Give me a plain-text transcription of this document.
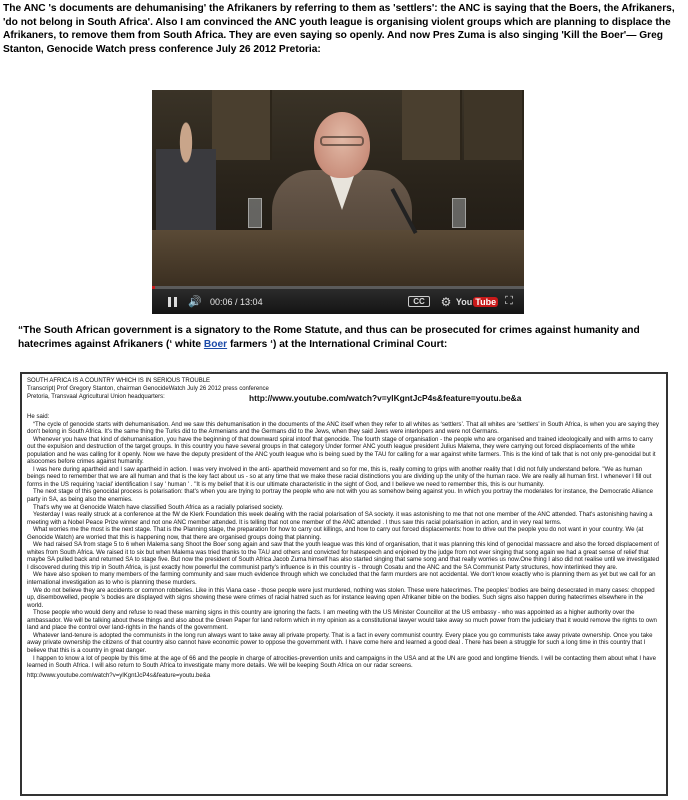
The ANC 's documents are dehumanising' the Afrikaners by referring to them as 'settlers': the ANC is saying that the Boers, the Afrikaners, 'do not belong in South Africa'. Also I am convinced the ANC youth league is organising violent groups which are planning to displace the Afrikaners, to remove them from South Africa. They are even saying so openly. And now Pres Zuma is also singing 'Kill the Boer'— Greg Stanton, Genocide Watch press conference July 26 2012 Pretoria:
🔊 00:06 / 13:04	CC	⚙ You Tube ⛶
“The South African government is a signatory to the Rome Statute, and thus can be prosecuted for crimes against humanity and hatecrimes against Afrikaners (‘ white Boer farmers ‘) at the International Criminal Court:
SOUTH AFRICA IS A COUNTRY WHICH IS IN SERIOUS TROUBLE
Transcript| Prof Gregory Stanton, chairman GenocideWatch July 26 2012 press conference
Pretoria, Transvaal Agricultural Union headquarters:	http://www.youtube.com/watch?v=ylKgntJcP4s&feature=youtu.be&a

He said:

“The cycle of genocide starts with dehumanisation. And we saw this dehumanisation in the documents of the ANC itself when they refer to all whites as ‘settlers’. That all whites are ‘settlers’ in South Africa, is when you are saying they don't belong in South Africa. It's the same thing the Turks did to the Armenians and the Germans did to the Jews, when they said Jews were interlopers and were not Germans.

Whenever you have that kind of dehumanisation, you have the beginning of that downward spiral intoof that genocide. The fourth stage of organisation - the people who are organised and trained ideologically and with arms to carry out the expulsion and destruction of the target groups. In this country you have several groups in that category Under former ANC youth league president Julius Malema, they were carrying out forced displacements of the white population and he was calling for it openly. Now we have the deputy president of the ANC youth league who is being sued by the TAU for calling for a war against white farmers. This is the kind of talk that is not only pre-genocidal but it alsocomes before crimes against humanity.

I was here during apartheid and I saw apartheid in action. I was very involved in the anti- apartheid movement and so for me, this is, really coming to grips with another reality that I did not fully understand before. "We as human beings need to remember that we are all human and that is the key fact about us - so at any time that we make these racial distinctions you are dividing up the unity of the human race. We are really all human first. I whenever I fill out forms in the US requiring 'racial' identification I say ' human ' . "It is my belief that it is our ultimate characteristic in the sight of God, and I believe we need to remember this, this is our humanity.

The next stage of this genocidal process is polarisation: that's when you are trying to portray the people who are not with you as somehow being against you. In which you portray the moderates for instance, the Democratic Alliance party in SA, as being also the enemies.

That's why we at Genocide Watch have classified South Africa as a racially polarised society.

Yesterday I was really struck at a conference at the fW de Klerk Foundation this week dealing with the racial polarisation of SA society. it was astonishing to me that not one member of the ANC attended. That's astonishing having a meeting with a Nobel Peace Prize winner and not one ANC member attended. It is telling that not one member of the ANC attended . I thus saw this racial polarisation in action, and in very real terms.

What worries me the most is the next stage. That is the Planning stage, the preparation for how to carry out killings, and how to carry out forced displacements: how to drive out the people you do not want in your country. We (at Genocide Watch) are worried that this is happening now, that there are organised groups doing that planning.

We had raised SA from stage 5 to 6 when Malema sang Shoot the Boer song again and saw that the youth league was this kind of organisation, that it was planning this kind of genocidal massacre and also the forced displacement of whites from South Africa. We raised it to six but when Malema was tried thanks to the TAU and others and convicted for hatespeech and enjoined by the judge from not ever singing that song again we had a great sense of relief that maybe SA pulled back and returned SA to stage five. But now the president of South Africa Jacob Zuma himself has also started singing that same song and that really worries us now.One thing I also did not realise until we investigated I discovered during this trip in South Africa, is just exactly how powerful the communist party's influence is in this country is - through Cosatu and the ANC and the SA Communist Party structures, how interlinked they are.

We have also spoken to many members of the farming community and saw much evidence through which we concluded that the farm murders are not accidental. We don't know exactly who is planning them as yet but we call for an international investigation as to who is planning these murders.

We do not believe they are accidents or common robberies. Like in this Viana case - those people were just murdered, nothing was stolen. These were hatecrimes. The peoples' bodies are being desecrated in many cases: chopped up, disembowelled, people 's bodies are displayed with signs showing these were crimes of racial hatred such as for instance leaving open Afrikaner bible on the bodies. Such signs also happen during hatecrimes elsewhere in the world.

Those people who would deny and refuse to read these warning signs in this country are ignoring the facts. I am meeting with the US Minister Councillor at the US embassy - who was appointed as a higher authority over the ambassador. We will be talking about these things and also about the Green Paper for land reform which in my opinion as a constitutional lawyer would take away so much power from the judiciary that it would remove the rights to own land and place the control over land-rights in the hands of the government.

Whatever land-tenure is adopted the communists in the long run always want to take away all private property. That is a fact in every communist country. Every place you go communists take away private ownership. Once you take away private ownership the citizens of that country also cannot have economic power to oppose the government with. I have come here and learned a good deal . There has been a struggle for such a long time in this country that I believe that this is a country in great danger.

I happen to know a lot of people by this time at the age of 66 and the people in charge of atrocities-prevention units and campaigns in the USA and at the UN are good and longtime friends. I will be contacting them about what I have learned in South Africa. I will also return to South Africa to investigate many more details. We will be keeping South Africa on our radar screens.

http://www.youtube.com/watch?v=ylKgntJcP4s&feature=youtu.be&a
